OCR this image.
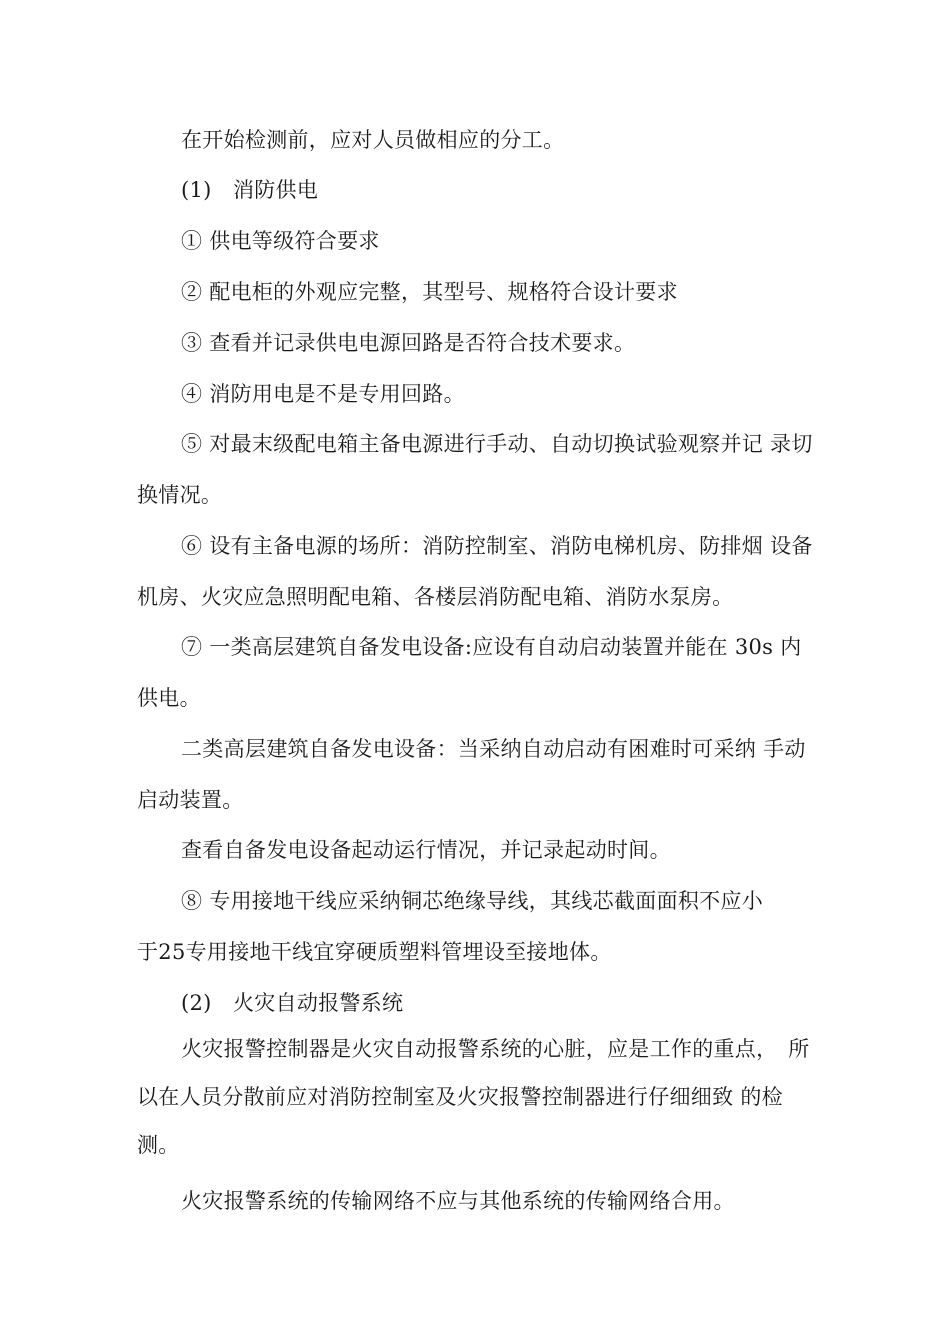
在开始检测前，应对人员做相应的分工。
(1)　消防供电
① 供电等级符合要求
② 配电柜的外观应完整，其型号、规格符合设计要求
③ 查看并记录供电电源回路是否符合技术要求。
④ 消防用电是不是专用回路。
⑤ 对最末级配电箱主备电源进行手动、自动切换试验观察并记 录切
换情况。
⑥ 设有主备电源的场所：消防控制室、消防电梯机房、防排烟 设备
机房、火灾应急照明配电箱、各楼层消防配电箱、消防水泵房。
⑦ 一类高层建筑自备发电设备:应设有自动启动装置并能在 30s 内
供电。
二类高层建筑自备发电设备：当采纳自动启动有困难时可采纳 手动
启动装置。
查看自备发电设备起动运行情况，并记录起动时间。
⑧ 专用接地干线应采纳铜芯绝缘导线，其线芯截面面积不应小
于25专用接地干线宜穿硬质塑料管埋设至接地体。
(2)　火灾自动报警系统
火灾报警控制器是火灾自动报警系统的心脏，应是工作的重点，　所
以在人员分散前应对消防控制室及火灾报警控制器进行仔细细致 的检
测。
火灾报警系统的传输网络不应与其他系统的传输网络合用。
